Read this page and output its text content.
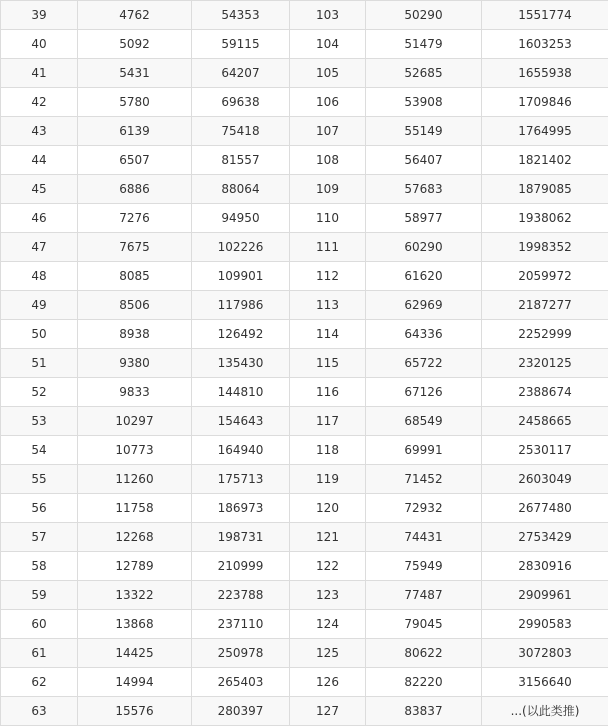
39	4762	54353	103	50290	1551774
40	5092	59115	104	51479	1603253
41	5431	64207	105	52685	1655938
42	5780	69638	106	53908	1709846
43	6139	75418	107	55149	1764995
44	6507	81557	108	56407	1821402
45	6886	88064	109	57683	1879085
46	7276	94950	110	58977	1938062
47	7675	102226	111	60290	1998352
48	8085	109901	112	61620	2059972
49	8506	117986	113	62969	2187277
50	8938	126492	114	64336	2252999
51	9380	135430	115	65722	2320125
52	9833	144810	116	67126	2388674
53	10297	154643	117	68549	2458665
54	10773	164940	118	69991	2530117
55	11260	175713	119	71452	2603049
56	11758	186973	120	72932	2677480
57	12268	198731	121	74431	2753429
58	12789	210999	122	75949	2830916
59	13322	223788	123	77487	2909961
60	13868	237110	124	79045	2990583
61	14425	250978	125	80622	3072803
62	14994	265403	126	82220	3156640
63	15576	280397	127	83837	...(以此类推)
